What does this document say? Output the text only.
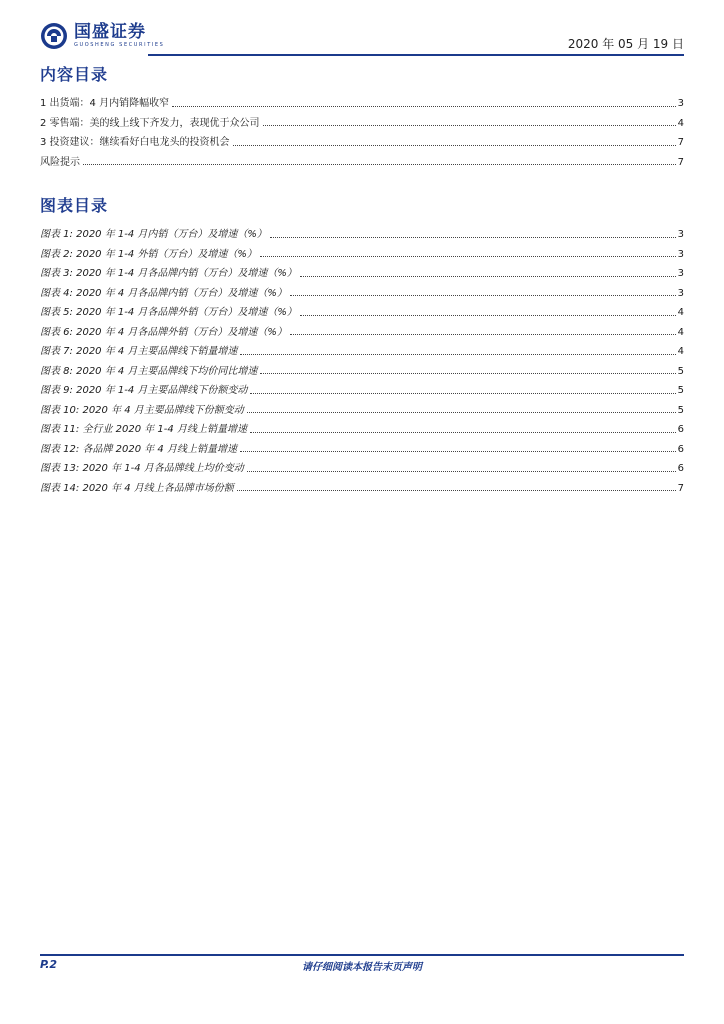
国盛证券
GUOSHENG SECURITIES	2020 年 05 月 19 日
内容目录
1 出货端：4 月内销降幅收窄	3
2 零售端：美的线上线下齐发力，表现优于众公司	4
3 投资建议：继续看好白电龙头的投资机会	7
风险提示	7
图表目录
图表 1: 2020 年 1-4 月内销（万台）及增速（%）	3
图表 2: 2020 年 1-4 外销（万台）及增速（%）	3
图表 3: 2020 年 1-4 月各品牌内销（万台）及增速（%）	3
图表 4: 2020 年 4 月各品牌内销（万台）及增速（%）	3
图表 5: 2020 年 1-4 月各品牌外销（万台）及增速（%）	4
图表 6: 2020 年 4 月各品牌外销（万台）及增速（%）	4
图表 7: 2020 年 4 月主要品牌线下销量增速	4
图表 8: 2020 年 4 月主要品牌线下均价同比增速	5
图表 9: 2020 年 1-4 月主要品牌线下份额变动	5
图表 10: 2020 年 4 月主要品牌线下份额变动	5
图表 11: 全行业 2020 年 1-4 月线上销量增速	6
图表 12: 各品牌 2020 年 4 月线上销量增速	6
图表 13: 2020 年 1-4 月各品牌线上均价变动	6
图表 14: 2020 年 4 月线上各品牌市场份额	7
P.2	请仔细阅读本报告末页声明
